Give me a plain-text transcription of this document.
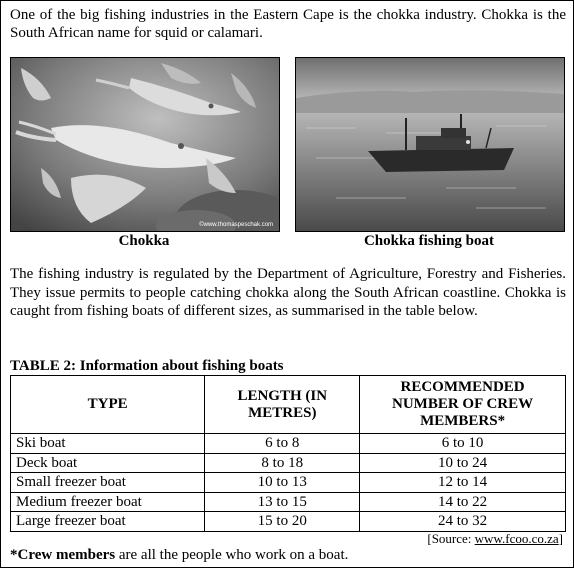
One of the big fishing industries in the Eastern Cape is the chokka industry. Chokka is the South African name for squid or calamari.
©www.thomaspeschak.com
Chokka	Chokka fishing boat
The fishing industry is regulated by the Department of Agriculture, Forestry and Fisheries. They issue permits to people catching chokka along the South African coastline. Chokka is caught from fishing boats of different sizes, as summarised in the table below.
TABLE 2: Information about fishing boats
TYPE	LENGTH (IN METRES)	RECOMMENDED NUMBER OF CREW MEMBERS*
Ski boat	6 to 8	6 to 10
Deck boat	8 to 18	10 to 24
Small freezer boat	10 to 13	12 to 14
Medium freezer boat	13 to 15	14 to 22
Large freezer boat	15 to 20	24 to 32
[Source: www.fcoo.co.za]
*Crew members are all the people who work on a boat.
